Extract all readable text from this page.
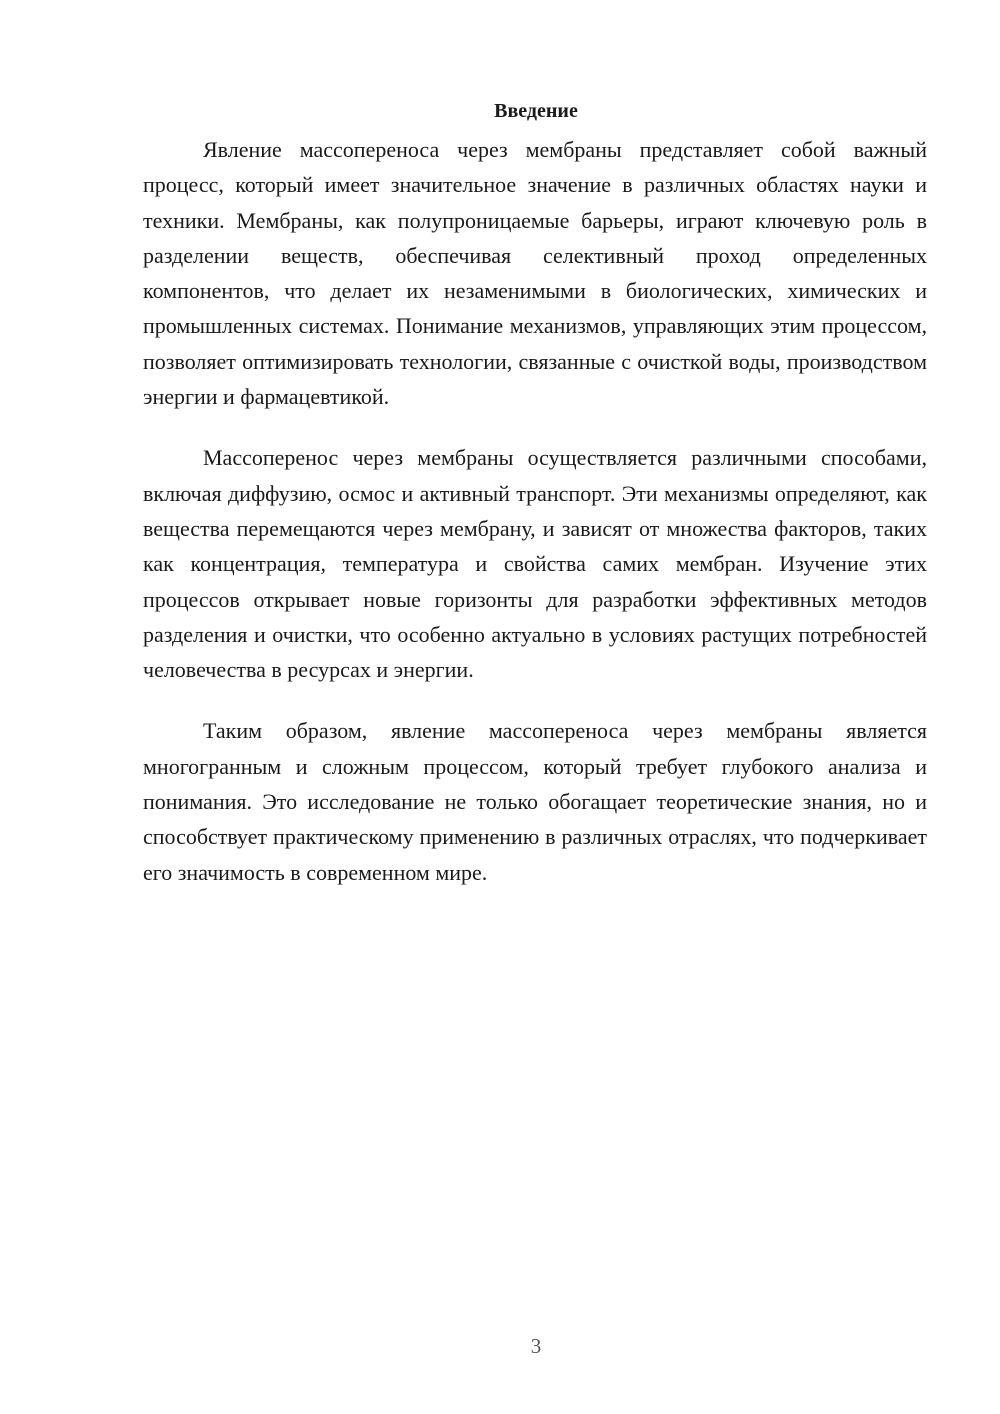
Введение

Явление массопереноса через мембраны представляет собой важный процесс, который имеет значительное значение в различных областях науки и техники. Мембраны, как полупроницаемые барьеры, играют ключевую роль в разделении веществ, обеспечивая селективный проход определенных компонентов, что делает их незаменимыми в биологических, химических и промышленных системах. Понимание механизмов, управляющих этим процессом, позволяет оптимизировать технологии, связанные с очисткой воды, производством энергии и фармацевтикой.

Массоперенос через мембраны осуществляется различными способами, включая диффузию, осмос и активный транспорт. Эти механизмы определяют, как вещества перемещаются через мембрану, и зависят от множества факторов, таких как концентрация, температура и свойства самих мембран. Изучение этих процессов открывает новые горизонты для разработки эффективных методов разделения и очистки, что особенно актуально в условиях растущих потребностей человечества в ресурсах и энергии.

Таким образом, явление массопереноса через мембраны является многогранным и сложным процессом, который требует глубокого анализа и понимания. Это исследование не только обогащает теоретические знания, но и способствует практическому применению в различных отраслях, что подчеркивает его значимость в современном мире.

3
